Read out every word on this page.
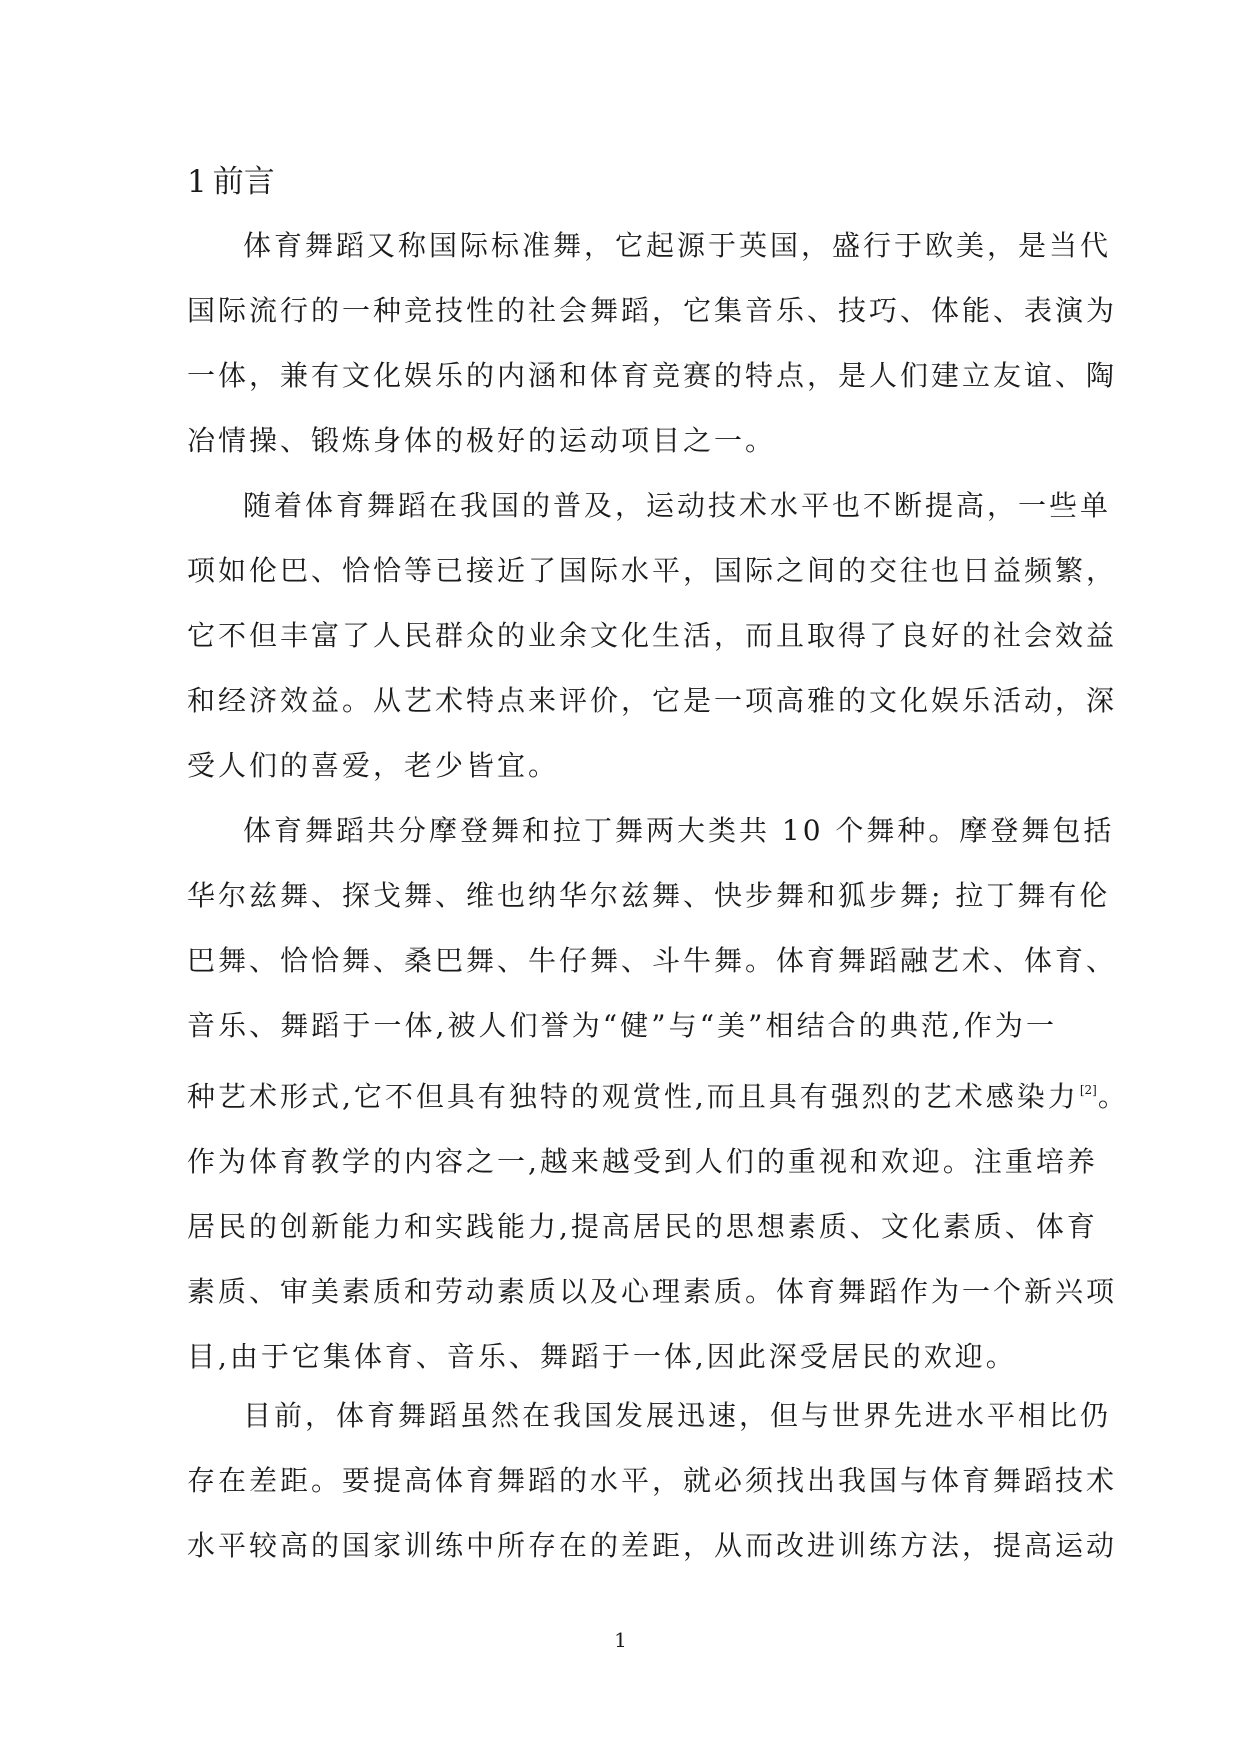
1 前言
体育舞蹈又称国际标准舞，它起源于英国，盛行于欧美，是当代
国际流行的一种竞技性的社会舞蹈，它集音乐、技巧、体能、表演为
一体，兼有文化娱乐的内涵和体育竞赛的特点，是人们建立友谊、陶
冶情操、锻炼身体的极好的运动项目之一。
随着体育舞蹈在我国的普及，运动技术水平也不断提高，一些单
项如伦巴、恰恰等已接近了国际水平，国际之间的交往也日益频繁，
它不但丰富了人民群众的业余文化生活，而且取得了良好的社会效益
和经济效益。从艺术特点来评价，它是一项高雅的文化娱乐活动，深
受人们的喜爱，老少皆宜。
体育舞蹈共分摩登舞和拉丁舞两大类共 10 个舞种。摩登舞包括
华尔兹舞、探戈舞、维也纳华尔兹舞、快步舞和狐步舞; 拉丁舞有伦
巴舞、恰恰舞、桑巴舞、牛仔舞、斗牛舞。体育舞蹈融艺术、体育、
音乐、舞蹈于一体,被人们誉为“健”与“美”相结合的典范,作为一
种艺术形式,它不但具有独特的观赏性,而且具有强烈的艺术感染力[2]。
作为体育教学的内容之一,越来越受到人们的重视和欢迎。注重培养
居民的创新能力和实践能力,提高居民的思想素质、文化素质、体育
素质、审美素质和劳动素质以及心理素质。体育舞蹈作为一个新兴项
目,由于它集体育、音乐、舞蹈于一体,因此深受居民的欢迎。
目前，体育舞蹈虽然在我国发展迅速，但与世界先进水平相比仍
存在差距。要提高体育舞蹈的水平，就必须找出我国与体育舞蹈技术
水平较高的国家训练中所存在的差距，从而改进训练方法，提高运动
1
